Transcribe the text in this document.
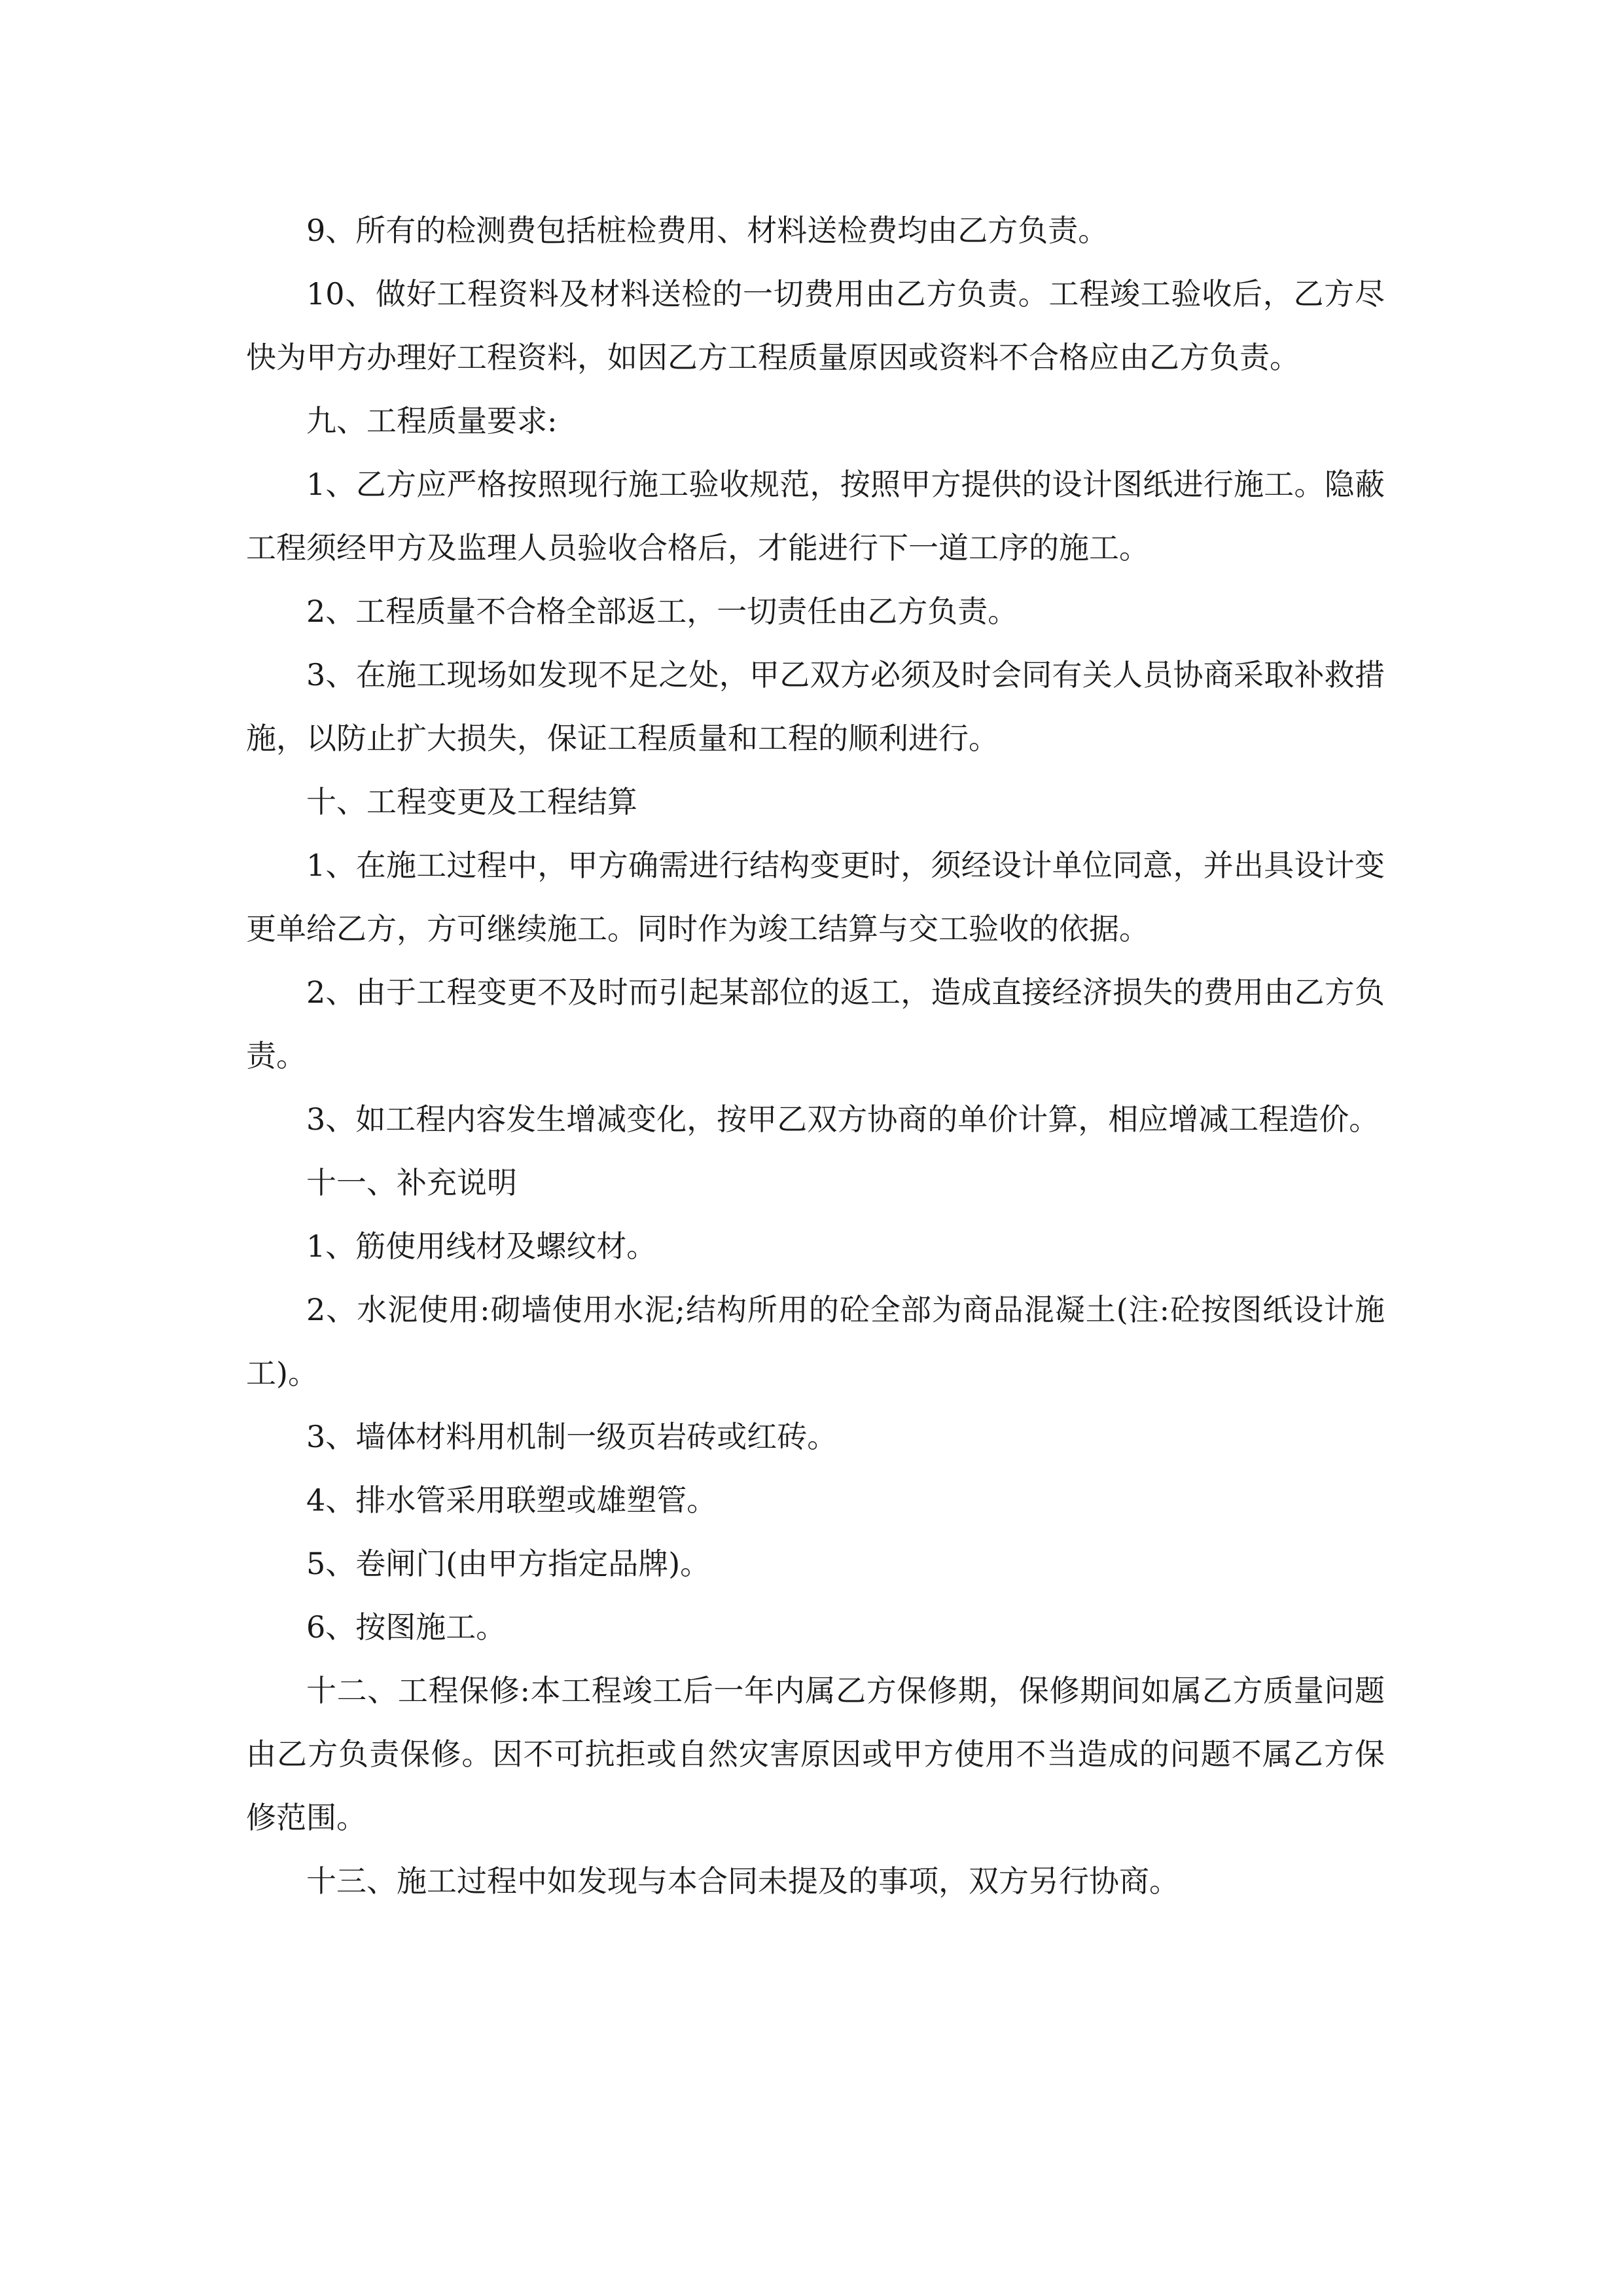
9、所有的检测费包括桩检费用、材料送检费均由乙方负责。

10、做好工程资料及材料送检的一切费用由乙方负责。工程竣工验收后，乙方尽快为甲方办理好工程资料，如因乙方工程质量原因或资料不合格应由乙方负责。

九、工程质量要求:

1、乙方应严格按照现行施工验收规范，按照甲方提供的设计图纸进行施工。隐蔽工程须经甲方及监理人员验收合格后，才能进行下一道工序的施工。

2、工程质量不合格全部返工，一切责任由乙方负责。

3、在施工现场如发现不足之处，甲乙双方必须及时会同有关人员协商采取补救措施，以防止扩大损失，保证工程质量和工程的顺利进行。

十、工程变更及工程结算

1、在施工过程中，甲方确需进行结构变更时，须经设计单位同意，并出具设计变更单给乙方，方可继续施工。同时作为竣工结算与交工验收的依据。

2、由于工程变更不及时而引起某部位的返工，造成直接经济损失的费用由乙方负责。

3、如工程内容发生增减变化，按甲乙双方协商的单价计算，相应增减工程造价。

十一、补充说明

1、筋使用线材及螺纹材。

2、水泥使用:砌墙使用水泥;结构所用的砼全部为商品混凝土(注:砼按图纸设计施工)。

3、墙体材料用机制一级页岩砖或红砖。

4、排水管采用联塑或雄塑管。

5、卷闸门(由甲方指定品牌)。

6、按图施工。

十二、工程保修:本工程竣工后一年内属乙方保修期，保修期间如属乙方质量问题由乙方负责保修。因不可抗拒或自然灾害原因或甲方使用不当造成的问题不属乙方保修范围。

十三、施工过程中如发现与本合同未提及的事项，双方另行协商。
